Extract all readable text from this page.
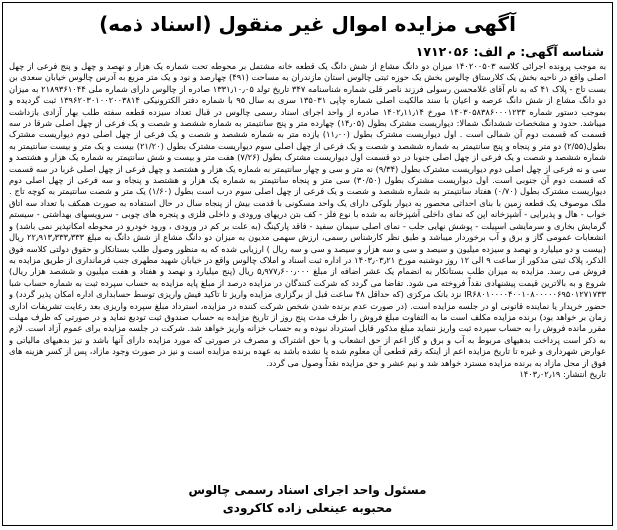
آگهی مزایده اموال غیر منقول (اسناد ذمه)
شناسه آگهی: م الف: ۱۷۱۲۰۵۶
به موجب پرونده اجرائی کلاسه ۱۴۰۲۰۰۵۰۳ میزان دو دانگ مشاع از شش دانگ یک قطعه خانه مشتمل بر محوطه تحت شماره یک هزار و نهصد و چهل و پنج فرعی از چهل اصلی واقع در ناحیه بخش یک کلارستاق چالوس بخش یک حوزه ثبتی چالوس استان مازندران به مساحت (۴۹۱) چهارصد و نود و یک متر مربع به آدرس چالوس خیابان سعدی بن بست تاج - پلاک ۴۱ که به نام آقای غلامحسن رسولی فرزند ناصر قلی شماره شناسنامه ۳۴۷ تاریخ تولد ۱۳۳۱٫۱۰٫۰۵ صادره از چالوس دارای شماره ملی ۲۱۸۹۳۶۱۰۴۴ به میزان دو دانگ مشاع از شش دانگ عرصه و اعیان با سند مالکیت اصلی شماره چاپی ۱۳۵۰۳۱ سری به سال ۹۵ با شماره دفتر الکترونیکی ۱۳۹۶۲۰۳۰۱۰۰۲۰۰۳۸۱۴ ثبت گردیده و بموجب دستور شماره ۱۴۰۳۰۵۸۳۸۶۰۰۰۱۲۳۳ مورخ ۱۴۰۲٫۱۱٫۱۴ صادره از واحد اجرای اسناد رسمی چالوس در قبال تعداد سیزده قطعه سفته طلب بهار آزادی بازداشت میباشد. حدود و مشخصات ششدانگ شمالا: دیواریست مشترک بطول (۱۴٫۰۵) چهارده متر و پنج سانتیمتر به شماره ششصد و شصت و یک فرعی از چهل اصلی شرقا در سه قسمت که قسمت دوم آن شمالی است . اول دیواریست مشترک بطول (۱۱٫۰۰) یازده متر به شماره ششصد و شصت و یک فرعی از چهل اصلی دوم دیواریست مشترک بطول(۲/۵۵) دو متر و پنجاه و پنج سانتیمتر به شماره ششصد و شصت و یک فرعی از چهل اصلی سوم دیواریست مشترک بطول (۲۱/۲۰) بیست و یک متر و بیست سانتیمتر به شماره ششصد و شصت و یک فرعی از چهل اصلی جنوبا در دو قسمت اول دیواریست مشترک بطول (۷/۲۶) هفت متر و بیست و شش سانتیمتر به شماره یک هزار و هشتصد و سی و نه فرعی از چهل اصلی دوم دیواریست مشترک بطول (۹/۳۴) نه متر و سی و چهار سانتیمتر به شماره یک هزار و هشتصد و چهل فرعی از چهل اصلی غربا در سه قسمت که قسمت دوم آن جنوبی است. اول دیواریست مشترک بطول (۳۰/۵۰) سی متر و پنجاه سانتیمتر به شماره یک هزار و هشتصد و پنجاه و سه فرعی از چهل اصلی دوم دیواریست مشترک بطول (۰/۷۰) هفتاد سانتیمتر به شماره ششصد و شصت و یک فرعی از چهل اصلی سوم درب است بطول (۱/۶۰) یک متر و شصت سانتیمتر به کوچه تاج . ملک موصوف یک قطعه زمین با بنای احداثی محصور به دیوار بلوکی دارای یک واحد مسکونی با قدمت بیش از پنجاه سال در حال استفاده به صورت همکف با تعداد سه اتاق خواب - هال و پذیرایی - آشپزخانه اپن که نمای داخلی آشپزخانه به شده با نوع فلز - کف بتن دریهای ورودی و داخلی فلزی و پنجره های چوبی - سرویسهای بهداشتی - سیستم گرمایش بخاری و سرمایشی اسپیلت - پوشش نهایی جلب - نمای اصلی سیمان سفید - فاقد پارکینگ (به علت بر کم در ورودی ، ورود خودرو در محوطه امکانپذیر نمی باشد) و انشعابات عمومی گاز و برق و آب برخوردار میباشد و طبق نظر کارشناس رسمی، ارزش سهمی مدیون به میزان دو دانگ مشاع از شش دانگ به مبلغ ۲۲٫۹۱۳٫۳۳۳٫۳۳۳ ریال (بیست و دو میلیارد و نهصد و سیزده میلیون و سیصد و سی و سه هزار و سیصد و سی و سه ریال ) ارزیابی شده که به منظور وصول طلب بستانکار و حقوق دولتی کلاسه فوق الذکر، پلاک ثبتی مذکور از ساعت ۹ الی ۱۲ روز دوشنبه مورخ ۱۴۰۳٫۰۳٫۲۱ در اداره ثبت اسناد و املاک چالوس واقع در خیابان شهید مطهری جنب فرمانداری از طریق مزایده به فروش می رسد. مزایده به میزان طلب بستانکار به انضمام یک عشر اضافه از مبلغ ۵٫۹۷۷٫۶۰۰٫۰۰۰ ریال (پنج میلیارد و نهصد و هفتاد و هفت میلیون و ششصد هزار ریال) شروع و به بالاترین قیمت پیشنهادی نقداً فروخته می شود. تقاضا می گردد که شرکت کنندگان در مزایده درصد از مبلغ پایه مزایده به حساب سپرده ثبت به شماره حساب شبا IR۶۸۰۱۰۰۰۰۴۰۰۱۰۸۰۰۰۰۰۶۹۵۰۱۲۷۱۷۳۳ نزد بانک مرکزی (که حداقل ۴۸ ساعت قبل از برگزاری مزایده واریز تا تاکید فیش واریزی توسط حسابداری اداره امکان پذیر گردد) و حضور خریدار یا نماینده قانونی او در جلسه مزایده است. (در صورت عدم برنده شدن شخص شرکت کننده در مزایده، استرداد مبلغ سپرده واریزی بعد رعایت تشریفات اداری زمان بر خواهد بود) برنده مزایده مکلف است ما به التفاوت مبلغ فروش را ظرف مدت پنج روز از تاریخ مزایده به حساب صندوق ثبت تودیع نماید و در صورتی که ظرف مهلت مقرر مانده فروش را به حساب سپرده ثبت واریز ننماید مبلغ مذکور قابل استرداد نبوده و به حساب خزانه واریز خواهد شد. شرکت در جلسه مزایده برای عموم آزاد است. لازم به ذکر است پرداخت بدهیهای مربوط به آب و برق و گاز اعم از حق انشعاب و یا حق اشتراک و مصرف در صورتی که مورد مزایده دارای آنها باشد و نیز بدهیهای مالیاتی و عوارض شهرداری و غیره تا تاریخ مزایده اعم از اینکه رقم قطعی آن معلوم شده یا نشده باشد به عهده برنده مزایده است و نیز در صورت وجود مازاد، پس از کسر هزینه های فوق از محل مازاد به برنده مزایده مسترد خواهد شد و نیم عشر و حق مزایده نقداً وصول می گردد.
تاریخ انتشار: ۱۴۰۳٫۰۲٫۱۹
مسئول واحد اجرای اسناد رسمی چالوس
محبوبه عینعلی زاده کاکرودی
